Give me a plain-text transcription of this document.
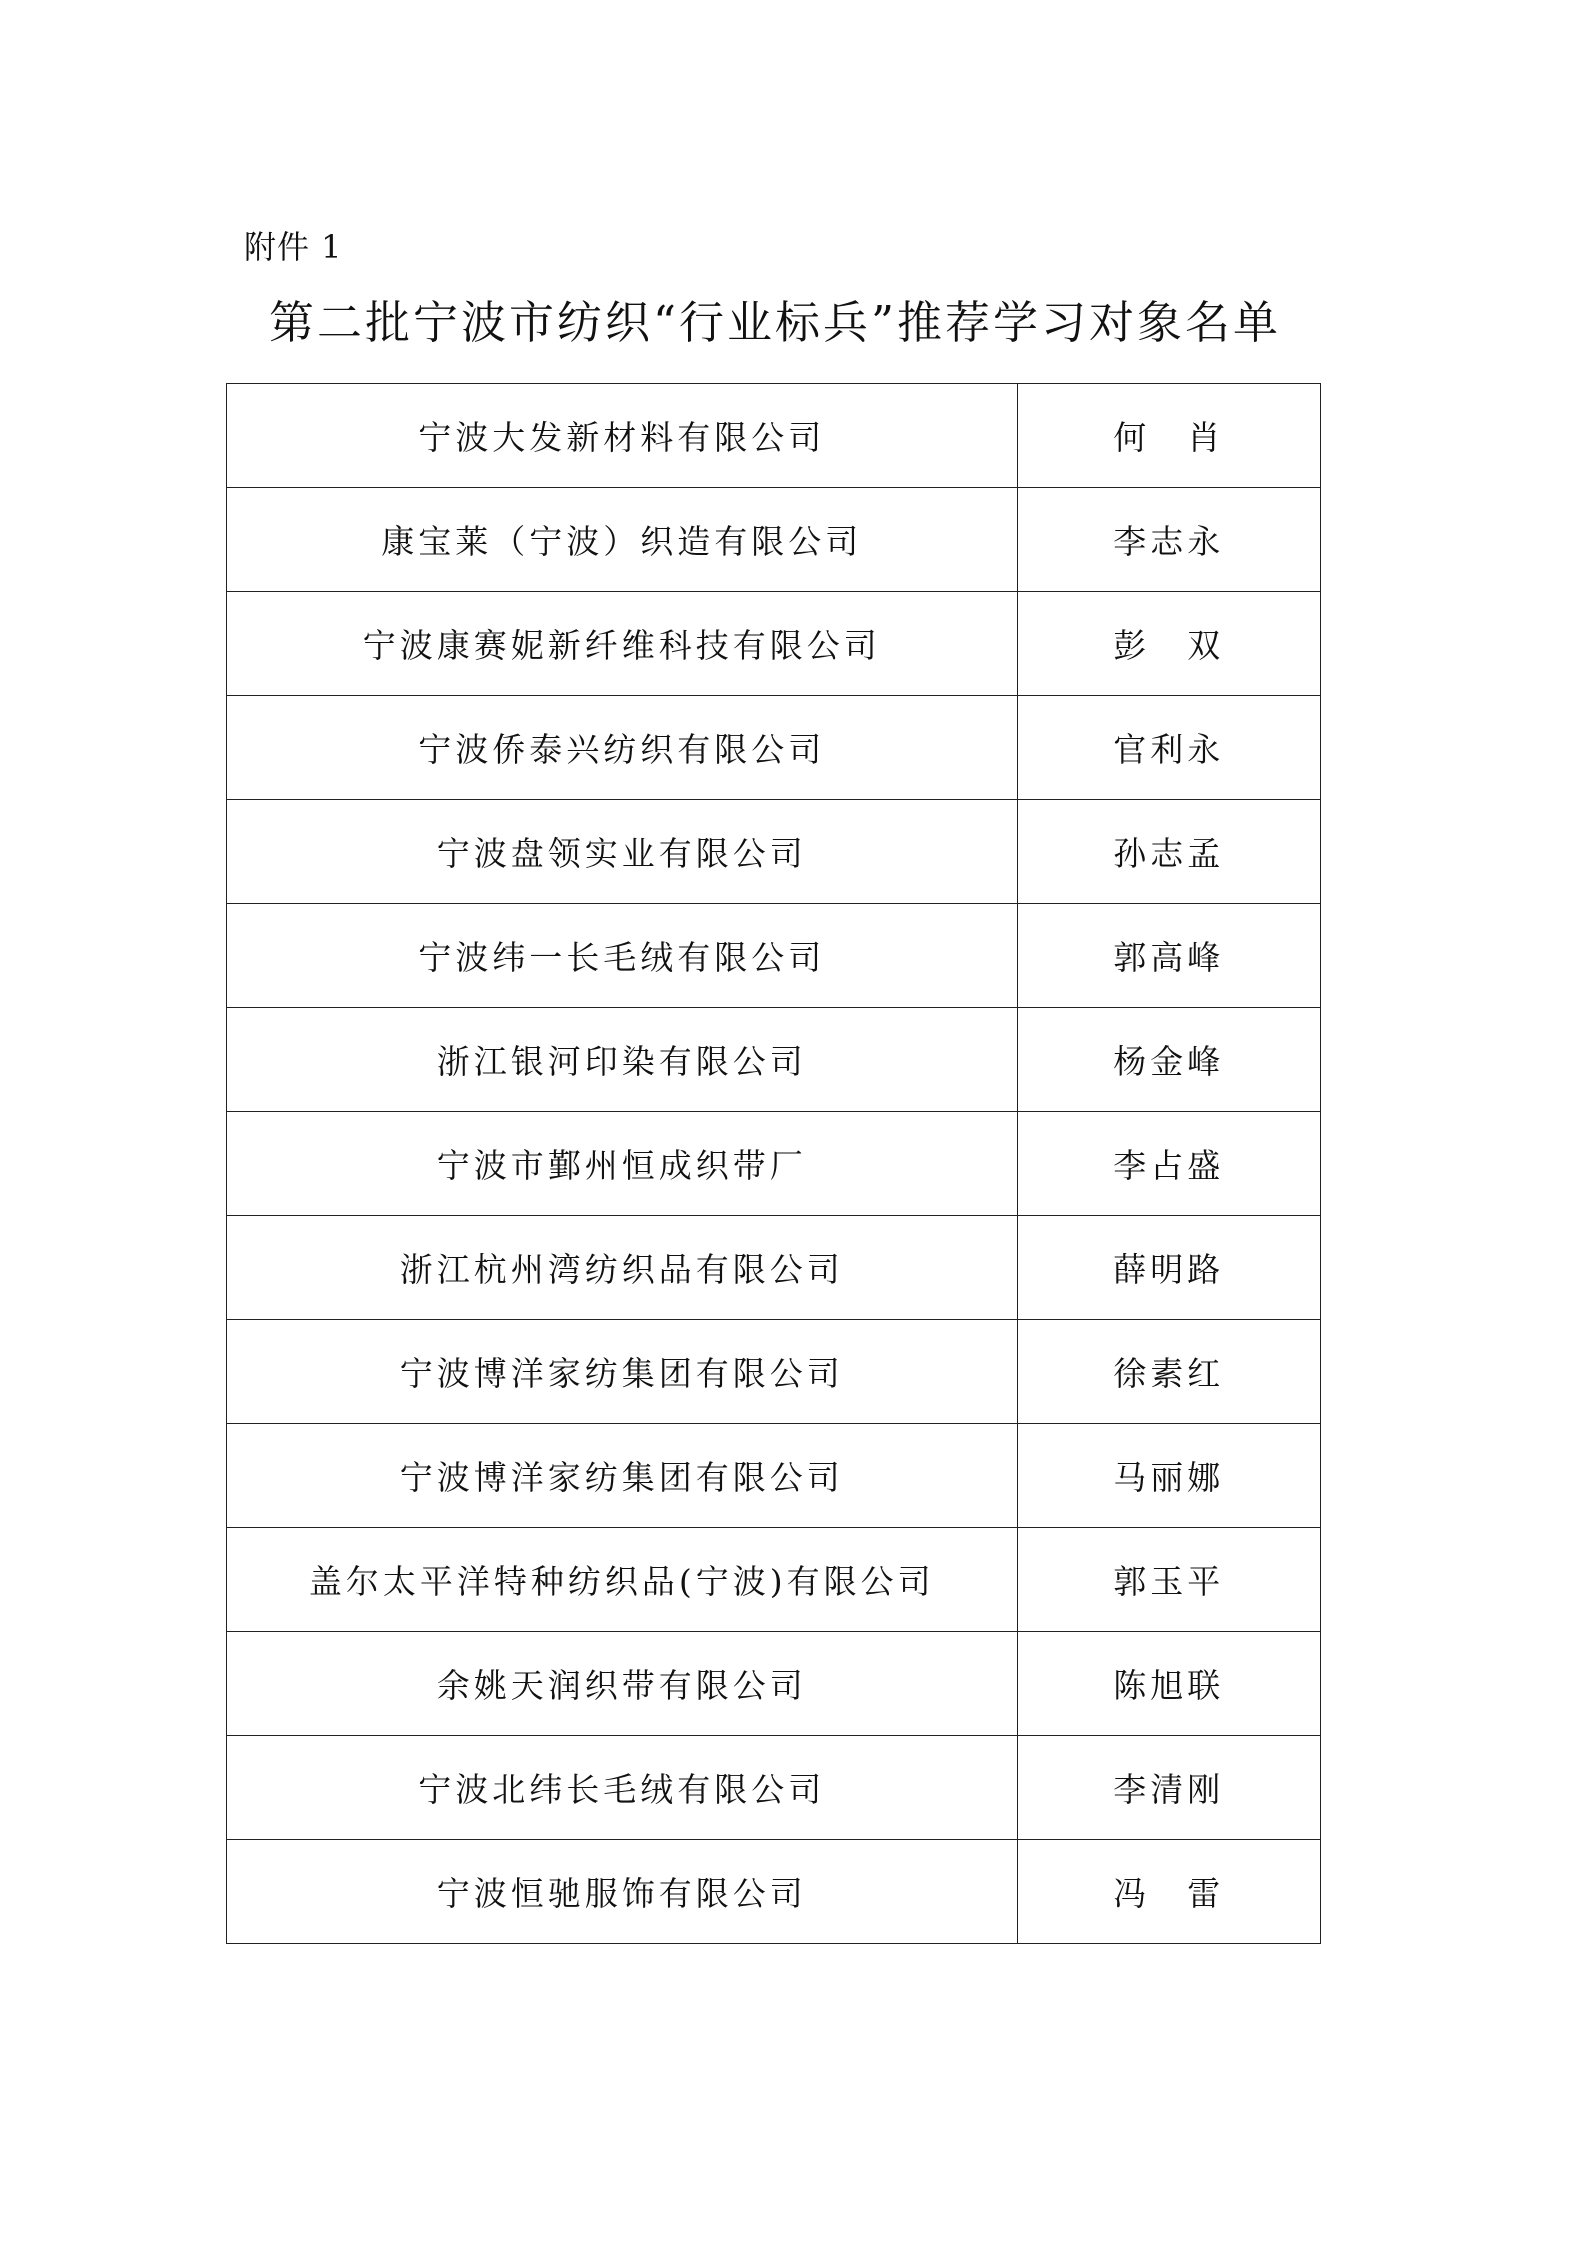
附件 1
第二批宁波市纺织“行业标兵”推荐学习对象名单
宁波大发新材料有限公司	何　肖
康宝莱（宁波）织造有限公司	李志永
宁波康赛妮新纤维科技有限公司	彭　双
宁波侨泰兴纺织有限公司	官利永
宁波盘领实业有限公司	孙志孟
宁波纬一长毛绒有限公司	郭高峰
浙江银河印染有限公司	杨金峰
宁波市鄞州恒成织带厂	李占盛
浙江杭州湾纺织品有限公司	薛明路
宁波博洋家纺集团有限公司	徐素红
宁波博洋家纺集团有限公司	马丽娜
盖尔太平洋特种纺织品(宁波)有限公司	郭玉平
余姚天润织带有限公司	陈旭联
宁波北纬长毛绒有限公司	李清刚
宁波恒驰服饰有限公司	冯　雷
